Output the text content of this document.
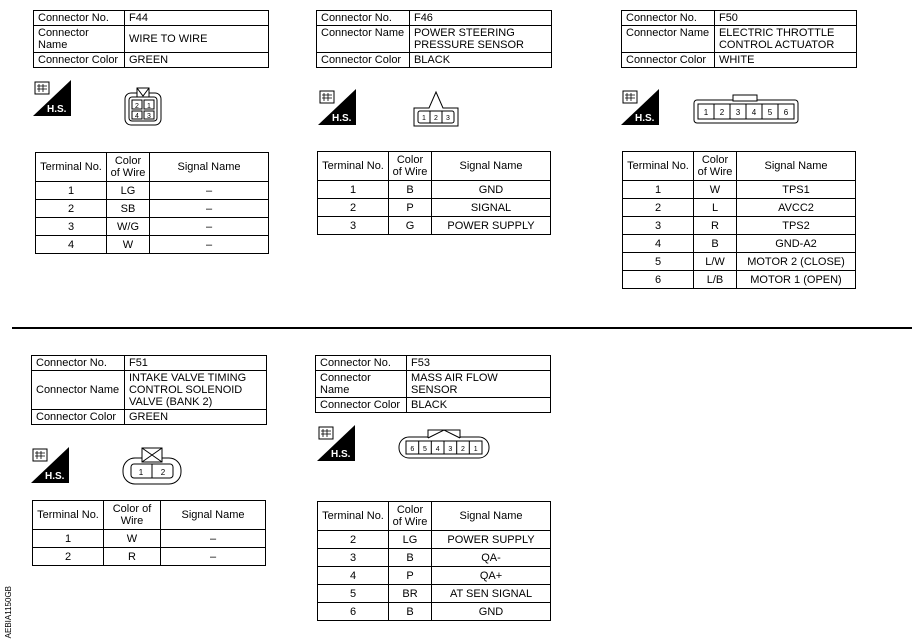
Connector No.	F44
Connector Name	WIRE TO WIRE
Connector Color	GREEN
H.S.	2 1
4 3
Terminal No.	Color of Wire	Signal Name
1	LG	–
2	SB	–
3	W/G	–
4	W	–
Connector No.	F46
Connector Name	POWER STEERING PRESSURE SENSOR
Connector Color	BLACK
H.S.	1 2 3
Terminal No.	Color of Wire	Signal Name
1	B	GND
2	P	SIGNAL
3	G	POWER SUPPLY
Connector No.	F50
Connector Name	ELECTRIC THROTTLE CONTROL ACTUATOR
Connector Color	WHITE
H.S.
1 2 3 4 5 6
Terminal No.	Color of Wire	Signal Name
1	W	TPS1
2	L	AVCC2
3	R	TPS2
4	B	GND-A2
5	L/W	MOTOR 2 (CLOSE)
6	L/B	MOTOR 1 (OPEN)
Connector No.	F51
Connector Name	INTAKE VALVE TIMING CONTROL SOLENOID VALVE (BANK 2)
Connector Color	GREEN
H.S.	1 2
Terminal No.	Color of Wire	Signal Name
1	W	–
2	R	–
Connector No.	F53
Connector Name	MASS AIR FLOW SENSOR
Connector Color	BLACK
H.S.	6 5 4 3 2 1
Terminal No.	Color of Wire	Signal Name
2	LG	POWER SUPPLY
3	B	QA-
4	P	QA+
5	BR	AT SEN SIGNAL
6	B	GND
AEBIA1150GB
